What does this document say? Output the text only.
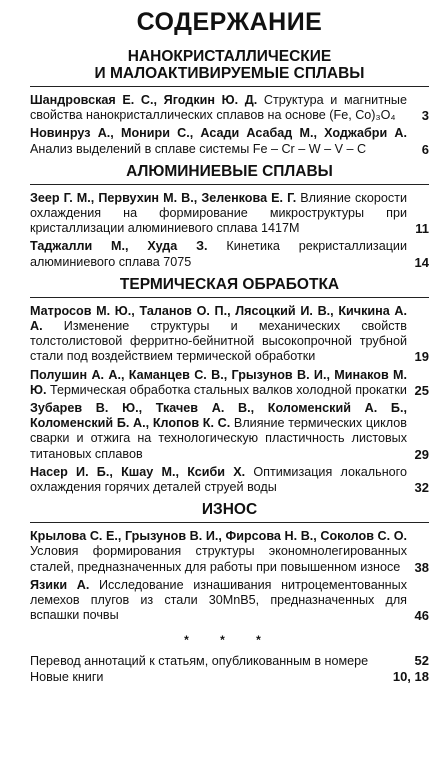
СОДЕРЖАНИЕ
НАНОКРИСТАЛЛИЧЕСКИЕ
И МАЛОАКТИВИРУЕМЫЕ СПЛАВЫ
Шандровская Е. С., Ягодкин Ю. Д. Структура и магнитные свойства нанокристаллических сплавов на основе (Fe, Co)₃O₄ 3
Новинруз А., Монири С., Асади Асабад М., Ходжабри А. Анализ выделений в сплаве системы Fe – Cr – W – V – C	6
АЛЮМИНИЕВЫЕ СПЛАВЫ
Зеер Г. М., Первухин М. В., Зеленкова Е. Г. Влияние скорости охлаждения на формирование микроструктуры при кристаллизации алюминиевого сплава 1417М	11
Таджалли М., Худа З. Кинетика рекристаллизации алюминиевого сплава 7075	14
ТЕРМИЧЕСКАЯ ОБРАБОТКА
Матросов М. Ю., Таланов О. П., Лясоцкий И. В., Кичкина А. А. Изменение структуры и механических свойств толстолистовой ферритно-бейнитной высокопрочной трубной стали под воздействием термической обработки	19
Полушин А. А., Каманцев С. В., Грызунов В. И., Минаков М. Ю. Термическая обработка стальных валков холодной прокатки 25
Зубарев В. Ю., Ткачев А. В., Коломенский А. Б., Коломенский Б. А., Клопов К. С. Влияние термических циклов сварки и отжига на технологическую пластичность листовых титановых сплавов	29
Насер И. Б., Кшау М., Ксиби Х. Оптимизация локального охлаждения горячих деталей струей воды	32
ИЗНОС
Крылова С. Е., Грызунов В. И., Фирсова Н. В., Соколов С. О. Условия формирования структуры экономнолегированных сталей, предназначенных для работы при повышенном износе 38
Язики А. Исследование изнашивания нитроцементованных лемехов плугов из стали 30MnB5, предназначенных для вспашки почвы	46
* * *
Перевод аннотаций к статьям, опубликованным в номере	52
Новые книги	10, 18
